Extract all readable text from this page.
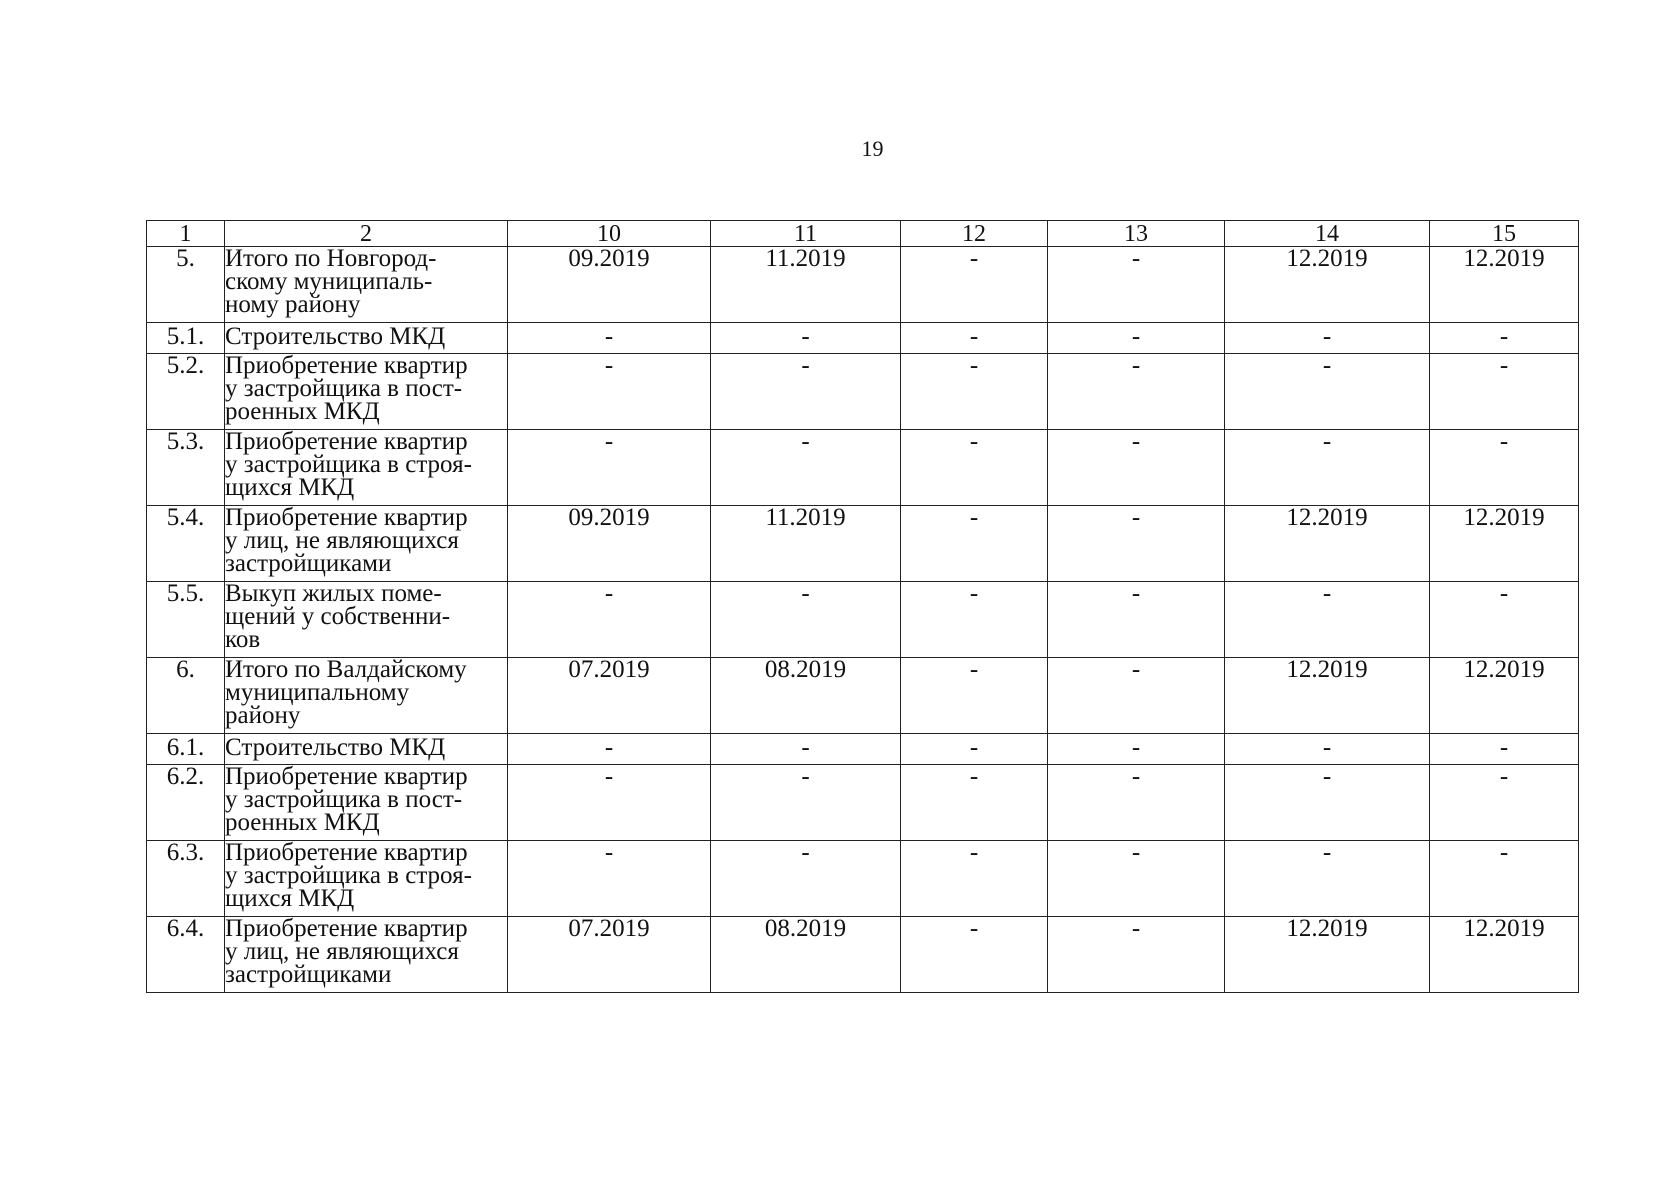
19
1	2	10	11	12	13	14	15
5.	Итого по Новгород-
скому муниципаль-
ному району	09.2019	11.2019	-	-	12.2019	12.2019
5.1.	Строительство МКД	-	-	-	-	-	-
5.2.	Приобретение квартир
у застройщика в пост-
роенных МКД	-	-	-	-	-	-
5.3.	Приобретение квартир
у застройщика в строя-
щихся МКД	-	-	-	-	-	-
5.4.	Приобретение квартир
у лиц, не являющихся
застройщиками	09.2019	11.2019	-	-	12.2019	12.2019
5.5.	Выкуп жилых поме-
щений у собственни-
ков	-	-	-	-	-	-
6.	Итого по Валдайскому
муниципальному
району	07.2019	08.2019	-	-	12.2019	12.2019
6.1.	Строительство МКД	-	-	-	-	-	-
6.2.	Приобретение квартир
у застройщика в пост-
роенных МКД	-	-	-	-	-	-
6.3.	Приобретение квартир
у застройщика в строя-
щихся МКД	-	-	-	-	-	-
6.4.	Приобретение квартир
у лиц, не являющихся
застройщиками	07.2019	08.2019	-	-	12.2019	12.2019
